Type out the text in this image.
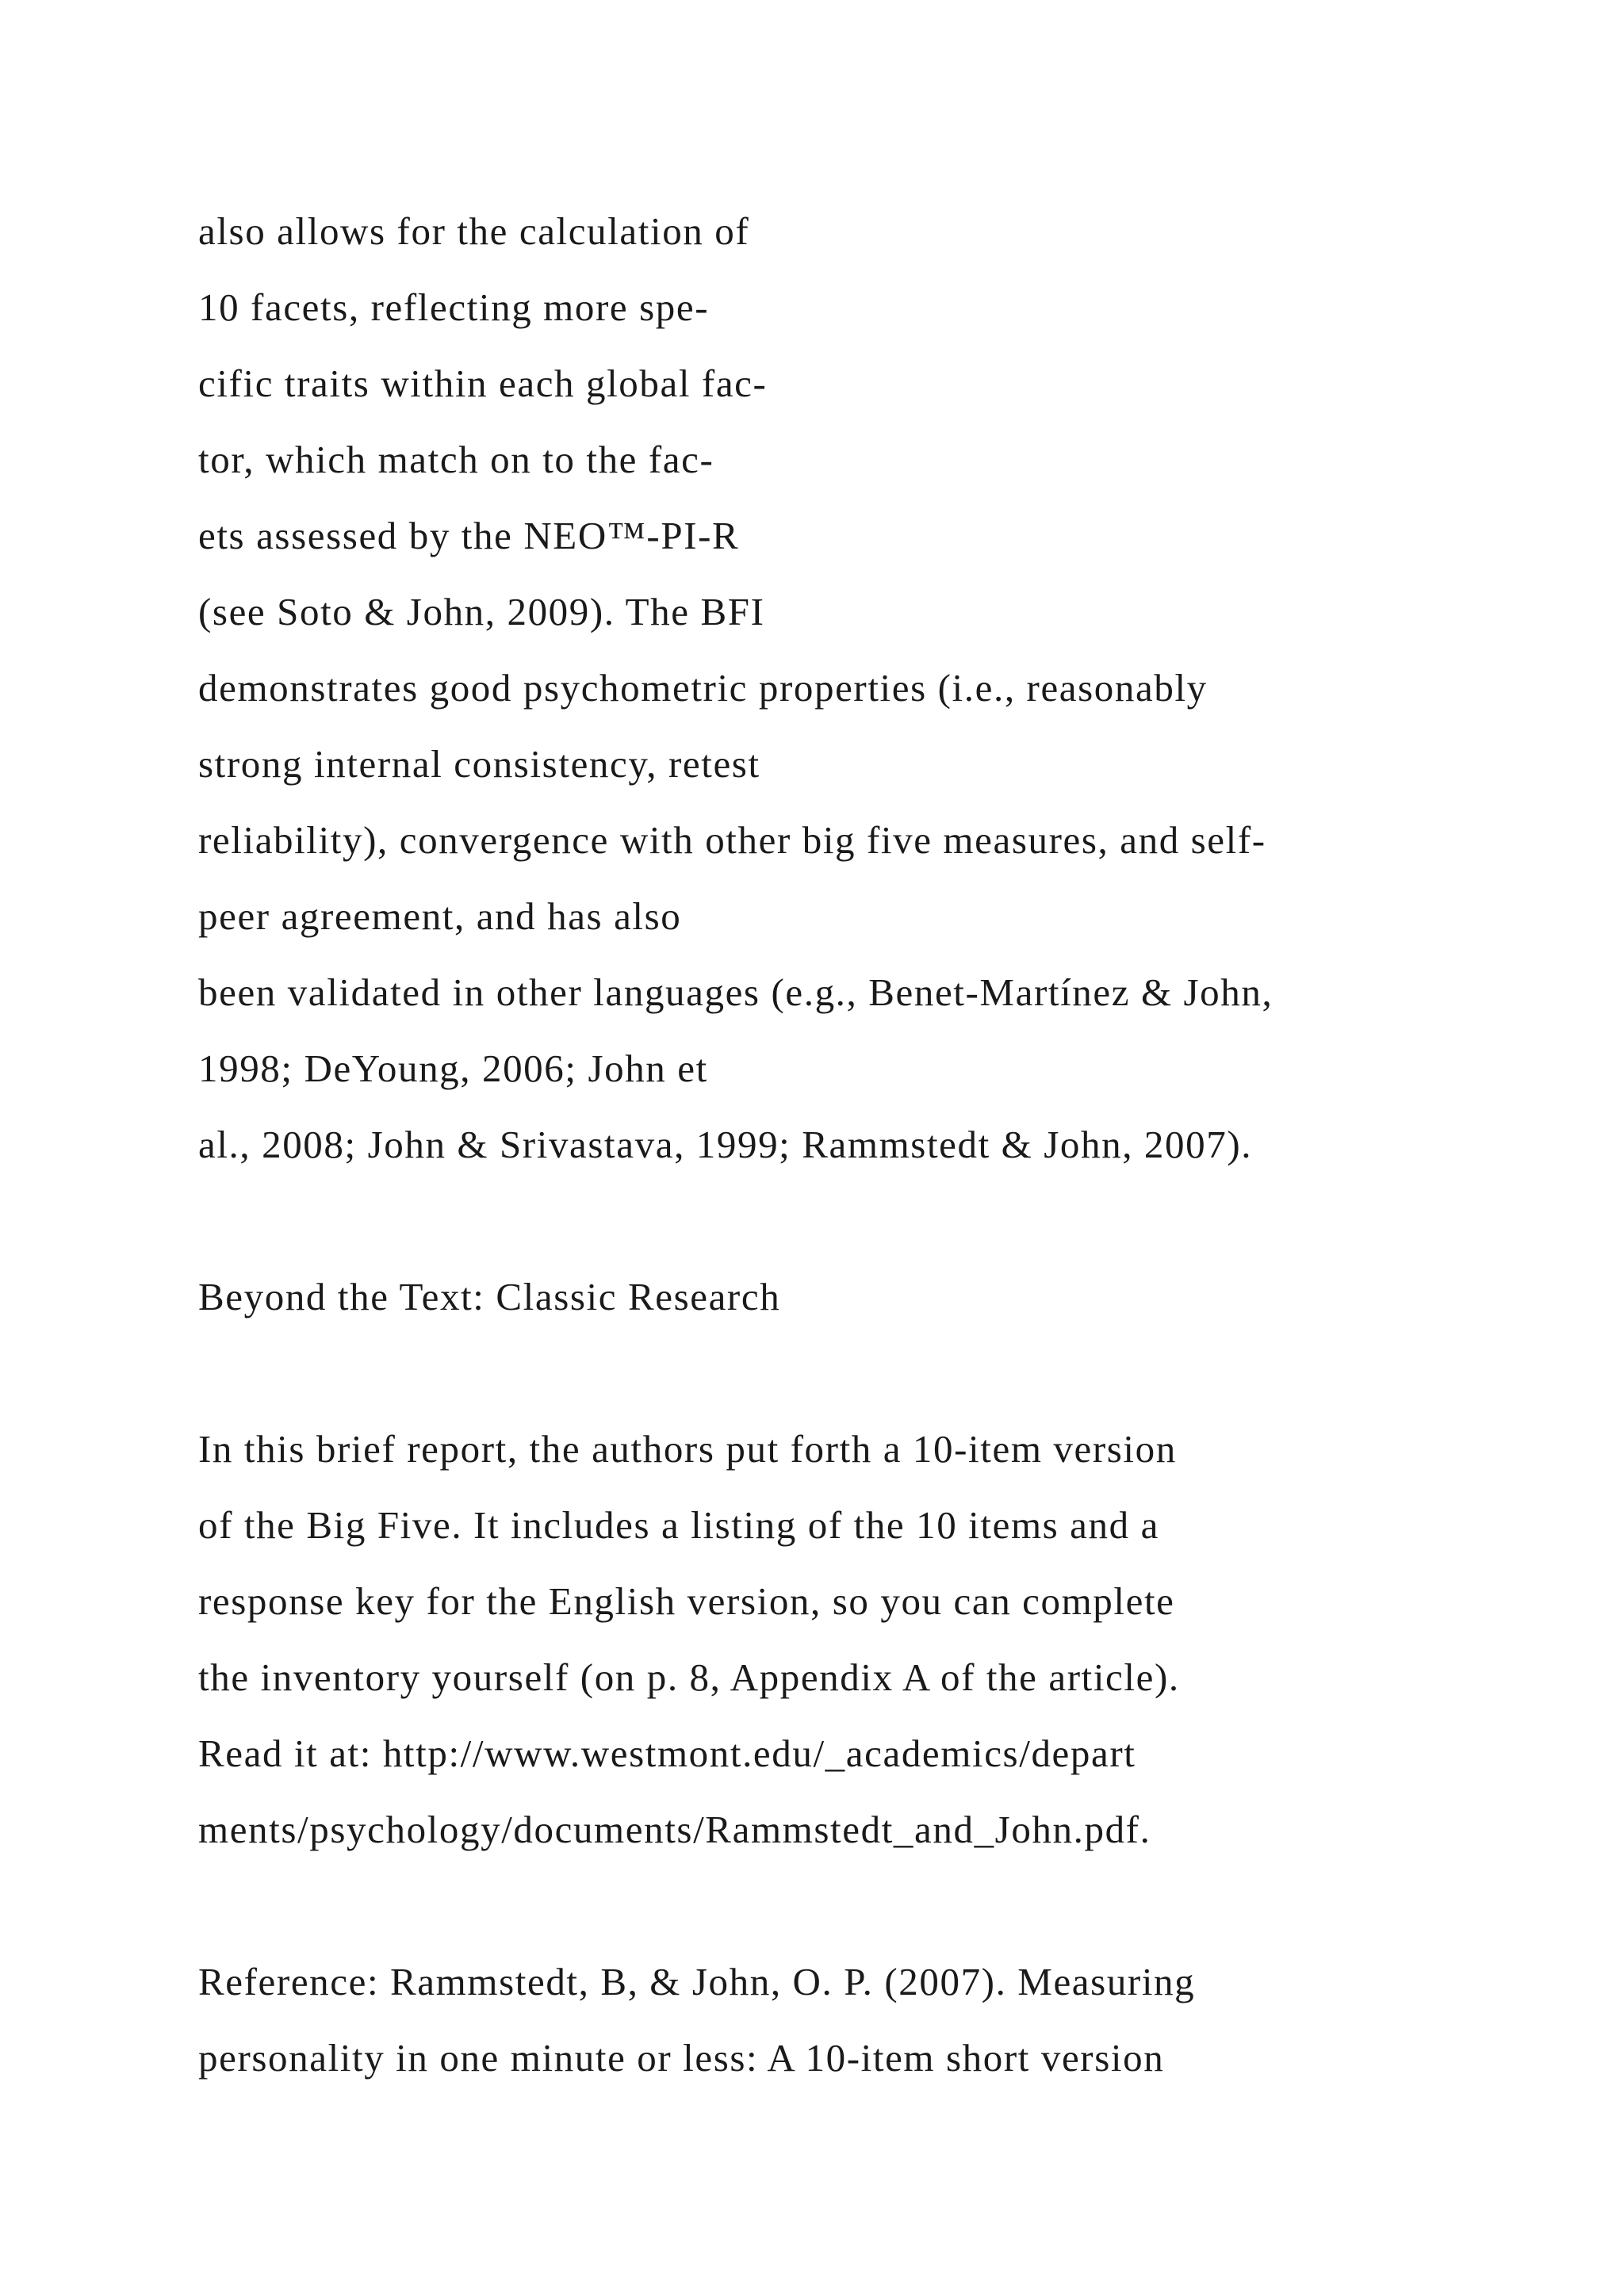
also allows for the calculation of
10 facets, reflecting more spe-
cific traits within each global fac-
tor, which match on to the fac-
ets assessed by the NEO™-PI-R
(see Soto & John, 2009). The BFI
demonstrates good psychometric properties (i.e., reasonably
strong internal consistency, retest
reliability), convergence with other big five measures, and self-
peer agreement, and has also
been validated in other languages (e.g., Benet-Martínez & John,
1998; DeYoung, 2006; John et
al., 2008; John & Srivastava, 1999; Rammstedt & John, 2007).
Beyond the Text: Classic Research
In this brief report, the authors put forth a 10-item version
of the Big Five. It includes a listing of the 10 items and a
response key for the English version, so you can complete
the inventory yourself (on p. 8, Appendix A of the article).
Read it at: http://www.westmont.edu/_academics/depart
ments/psychology/documents/Rammstedt_and_John.pdf.
Reference: Rammstedt, B, & John, O. P. (2007). Measuring
personality in one minute or less: A 10-item short version
